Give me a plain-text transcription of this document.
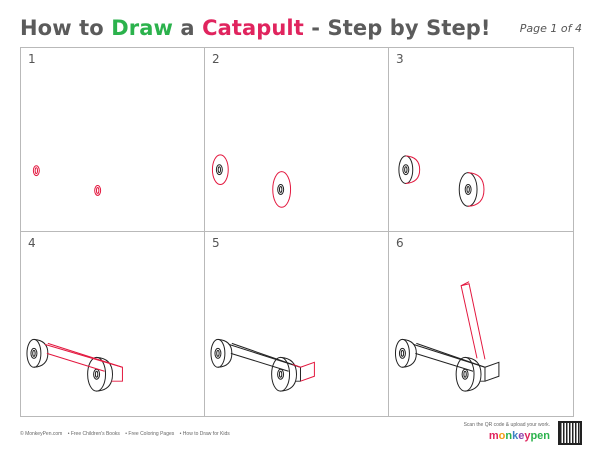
How to Draw a Catapult - Step by Step!	Page 1 of 4
1	2	3
4	5	6
© MonkeyPen.com • Free Children's Books • Free Coloring Pages • How to Draw for Kids
Scan the QR code & upload your work.
monkeypen
